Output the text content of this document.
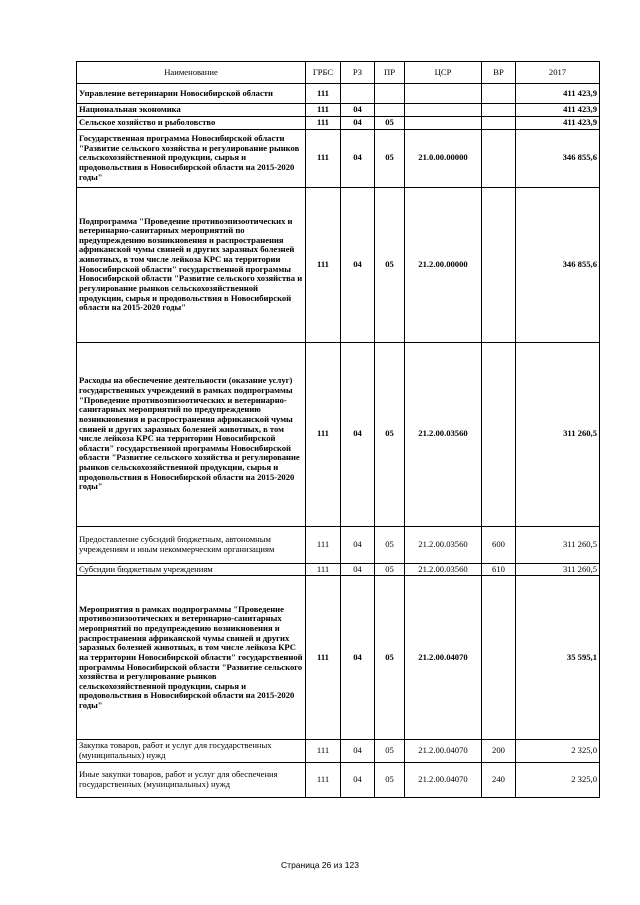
Наименование	ГРБС	РЗ	ПР	ЦСР	ВР	2017
Управление ветеринарии Новосибирской области	111					411 423,9
Национальная экономика	111	04				411 423,9
Сельское хозяйство и рыболовство	111	04	05			411 423,9
Государственная программа Новосибирской области "Развитие сельского хозяйства и регулирование рынков сельскохозяйственной продукции, сырья и продовольствия в Новосибирской области на 2015-2020 годы"	111	04	05	21.0.00.00000		346 855,6
Подпрограмма "Проведение противоэпизоотических и ветеринарно-санитарных мероприятий по предупреждению возникновения и распространения африканской чумы свиней и других заразных болезней животных, в том числе лейкоза КРС на территории Новосибирской области" государственной программы Новосибирской области "Развитие сельского хозяйства и регулирование рынков сельскохозяйственной продукции, сырья и продовольствия в Новосибирской области на 2015-2020 годы"	111	04	05	21.2.00.00000		346 855,6
Расходы на обеспечение деятельности (оказание услуг) государственных учреждений в рамках подпрограммы "Проведение противоэпизоотических и ветеринарно-санитарных мероприятий по предупреждению возникновения и распространения африканской чумы свиней и других заразных болезней животных, в том числе лейкоза КРС на территории Новосибирской области" государственной программы Новосибирской области "Развитие сельского хозяйства и регулирование рынков сельскохозяйственной продукции, сырья и продовольствия в Новосибирской области на 2015-2020 годы"	111	04	05	21.2.00.03560		311 260,5
Предоставление субсидий бюджетным, автономным учреждениям и иным некоммерческим организациям	111	04	05	21.2.00.03560	600	311 260,5
Субсидии бюджетным учреждениям	111	04	05	21.2.00.03560	610	311 260,5
Мероприятия в рамках подпрограммы "Проведение противоэпизоотических и ветеринарно-санитарных мероприятий по предупреждению возникновения и распространения африканской чумы свиней и других заразных болезней животных, в том числе лейкоза КРС на территории Новосибирской области" государственной программы Новосибирской области "Развитие сельского хозяйства и регулирование рынков сельскохозяйственной продукции, сырья и продовольствия в Новосибирской области на 2015-2020 годы"	111	04	05	21.2.00.04070		35 595,1
Закупка товаров, работ и услуг для государственных (муниципальных) нужд	111	04	05	21.2.00.04070	200	2 325,0
Иные закупки товаров, работ и услуг для обеспечения государственных (муниципальных) нужд	111	04	05	21.2.00.04070	240	2 325,0
Страница 26 из 123
